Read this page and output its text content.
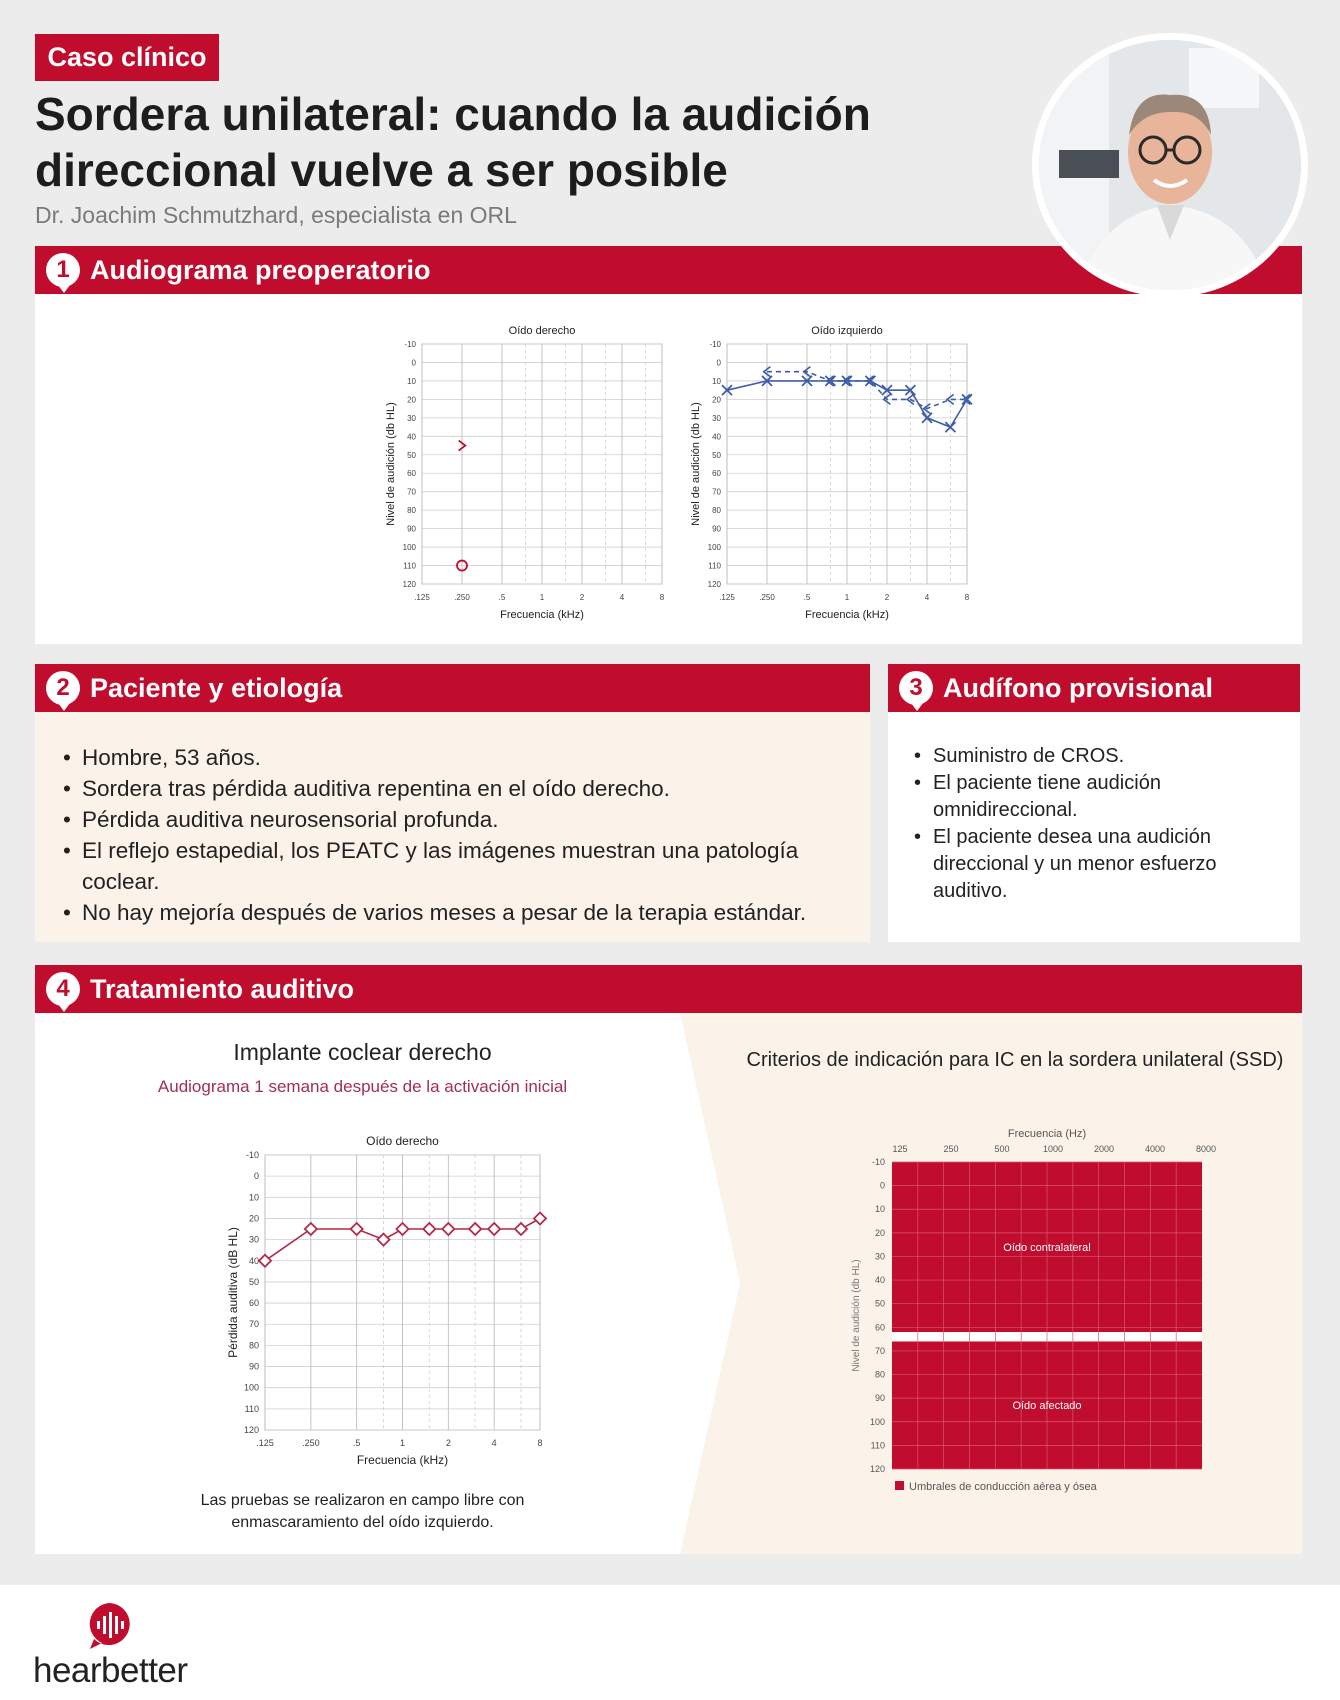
Caso clínico
Sordera unilateral: cuando la audición
direccional vuelve a ser posible
Dr. Joachim Schmutzhard, especialista en ORL
1 Audiograma preoperatorio
-10
0
10
20
30
40
50
60
70
80
90
100
110
120
.125	.250	.5	1	2	4	8
Oído derecho
Frecuencia (kHz)
Nivel de audición (db HL)
-10
0
10
20
30
40
50
60
70
80
90
100
110
120
.125	.250	.5	1	2	4	8
Oído izquierdo
Frecuencia (kHz)
Nivel de audición (db HL)
2 Paciente y etiología
• Hombre, 53 años.
• Sordera tras pérdida auditiva repentina en el oído derecho.
• Pérdida auditiva neurosensorial profunda.
• El reflejo estapedial, los PEATC y las imágenes muestran una patología coclear.
• No hay mejoría después de varios meses a pesar de la terapia estándar.
3 Audífono provisional
• Suministro de CROS.
• El paciente tiene audición omnidireccional.
• El paciente desea una audición direccional y un menor esfuerzo auditivo.
4 Tratamiento auditivo
Implante coclear derecho
Audiograma 1 semana después de la activación inicial
-10
0
10
20
30
40
50
60
70
80
90
100
110
120
.125	.250	.5	1	2	4	8
Oído derecho
Frecuencia (kHz)
Pérdida auditiva (dB HL)
Las pruebas se realizaron en campo libre con
enmascaramiento del oído izquierdo.
Criterios de indicación para IC en la sordera unilateral (SSD)
-10
0
10
20
30
40
50
60
70
80
90
100
110
120
125	250	500	1000	2000	4000	8000
Frecuencia (Hz)
Nivel de audición (db HL)
Oído contralateral
Oído afectado
Umbrales de conducción aérea y ósea
hearbetter
